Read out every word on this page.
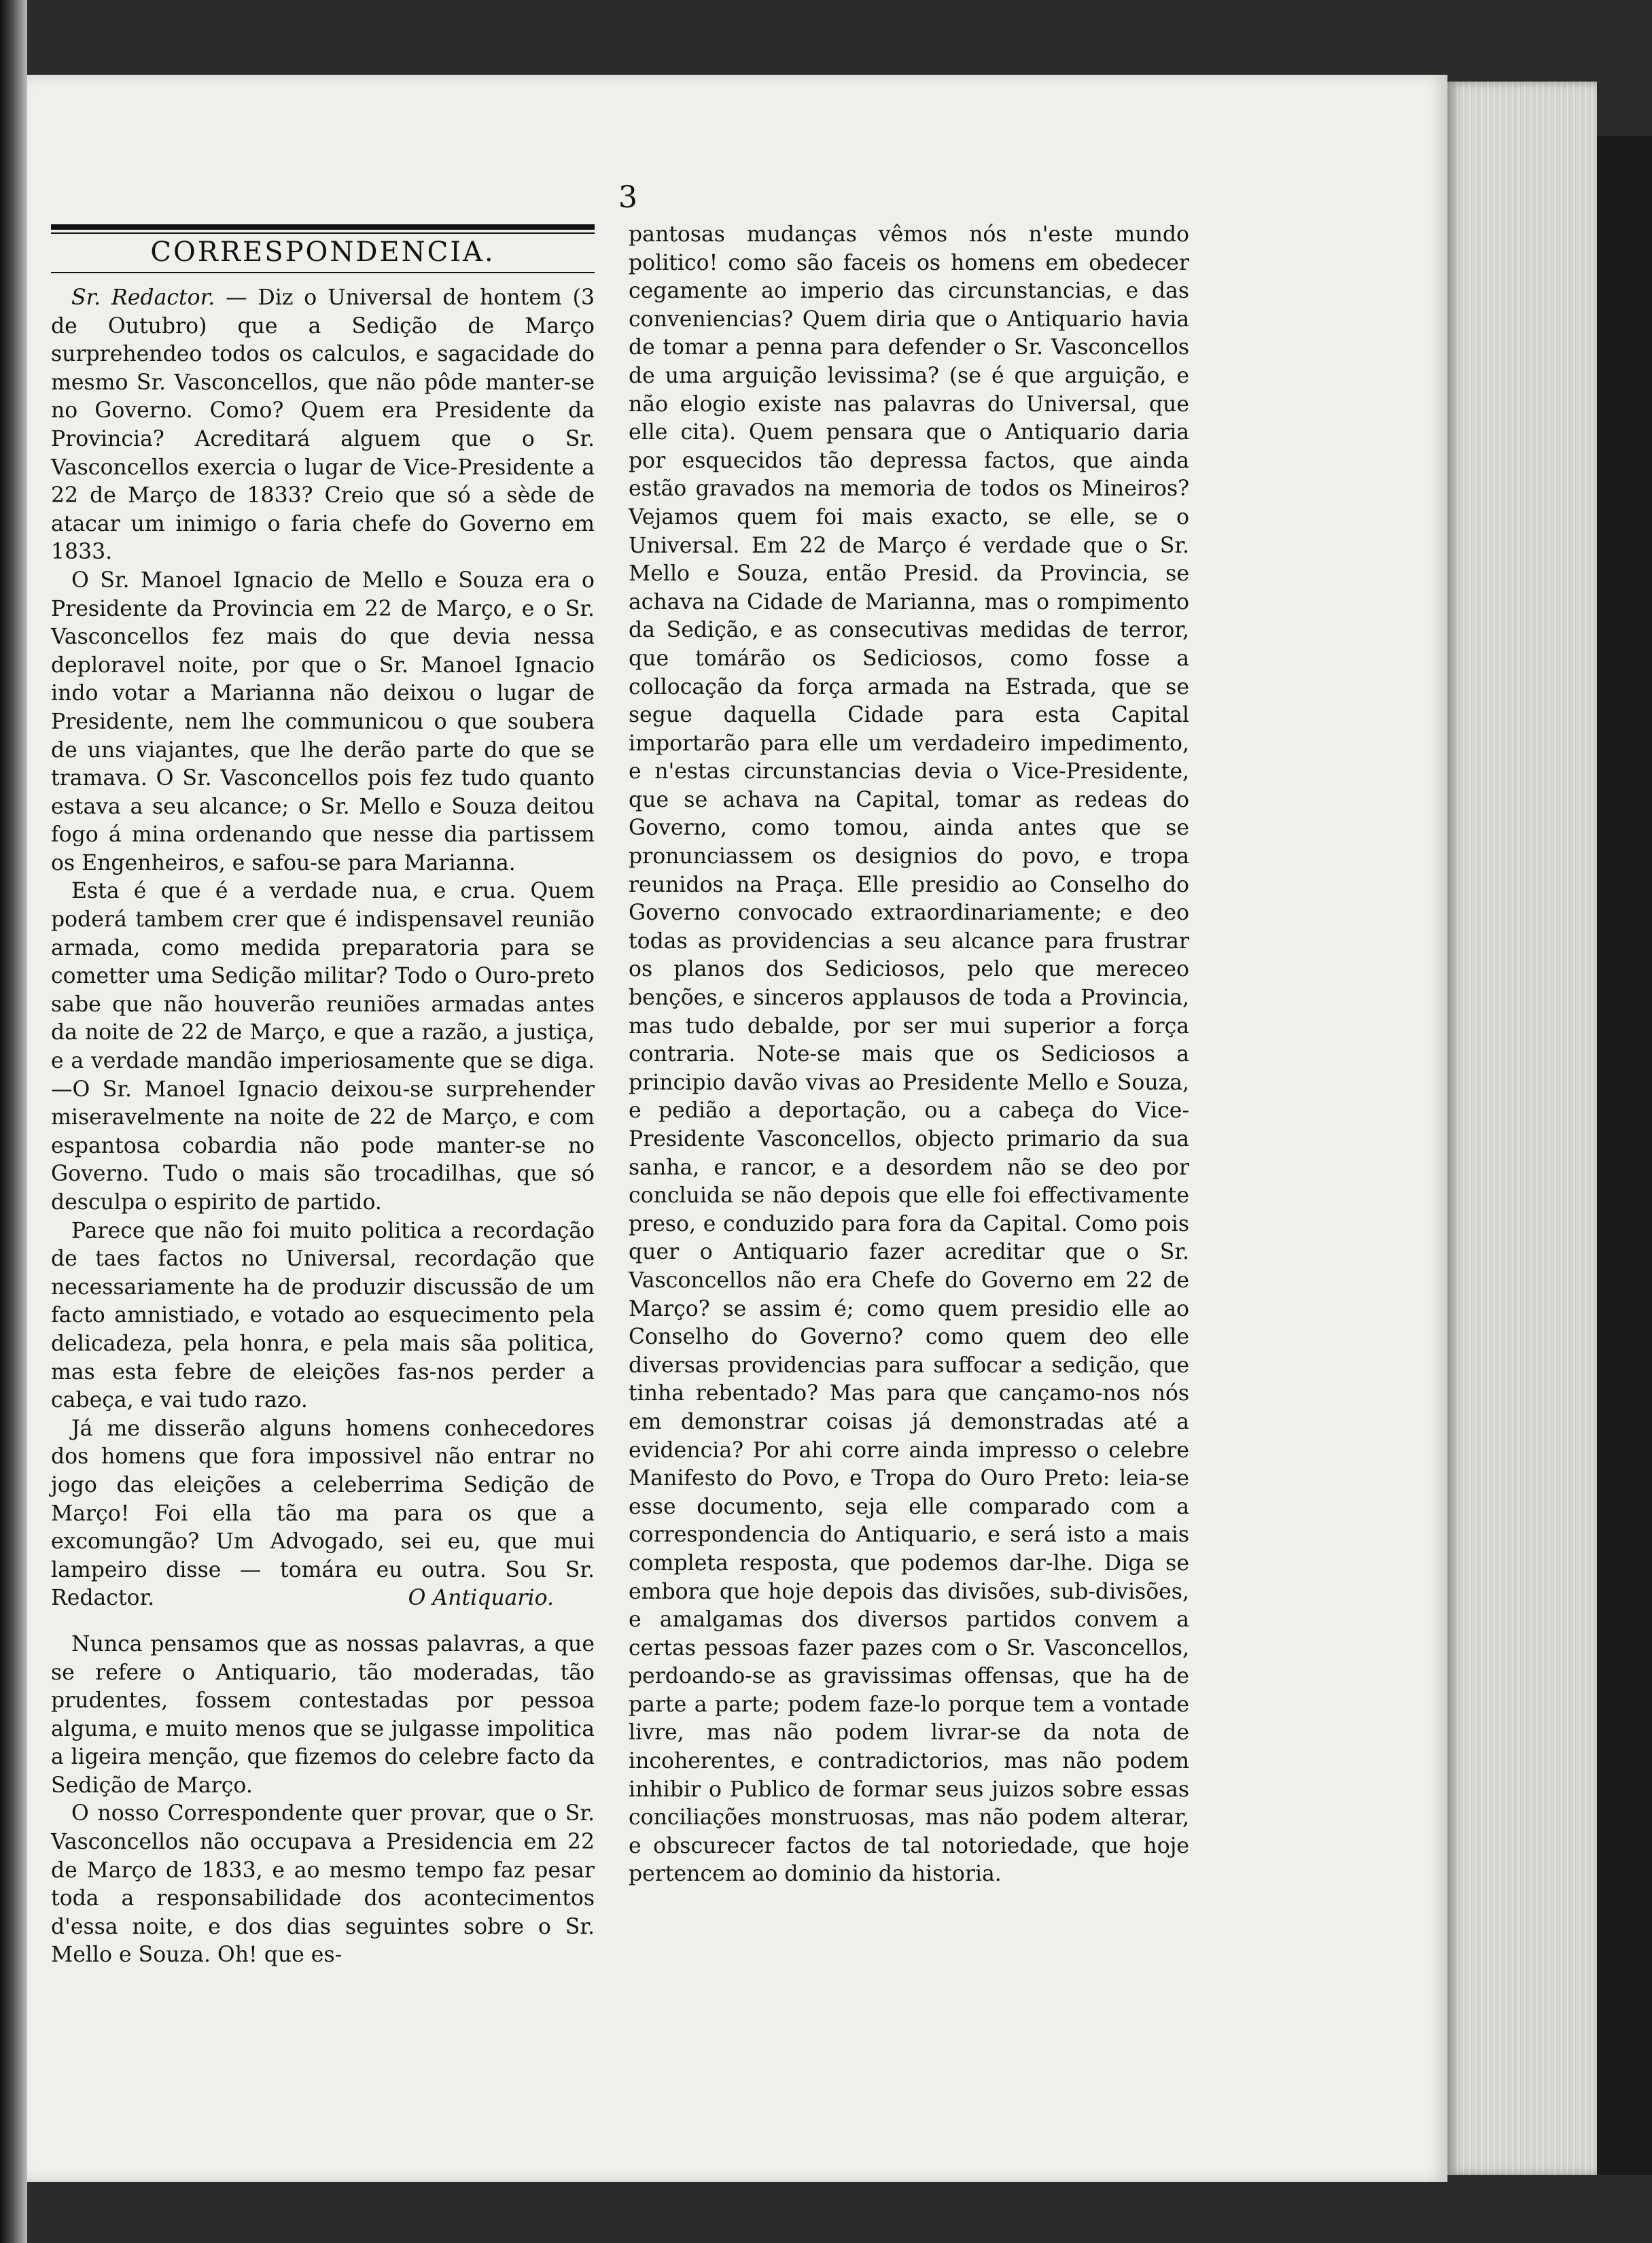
3
CORRESPONDENCIA.

Sr. Redactor. — Diz o Universal de hontem (3 de Outubro) que a Sedição de Março surprehendeo todos os calculos, e sagacidade do mesmo Sr. Vasconcellos, que não pôde manter-se no Governo. Como? Quem era Presidente da Provincia? Acreditará alguem que o Sr. Vasconcellos exercia o lugar de Vice-Presidente a 22 de Março de 1833? Creio que só a sède de atacar um inimigo o faria chefe do Governo em 1833.

O Sr. Manoel Ignacio de Mello e Souza era o Presidente da Provincia em 22 de Março, e o Sr. Vasconcellos fez mais do que devia nessa deploravel noite, por que o Sr. Manoel Ignacio indo votar a Marianna não deixou o lugar de Presidente, nem lhe communicou o que soubera de uns viajantes, que lhe derão parte do que se tramava. O Sr. Vasconcellos pois fez tudo quanto estava a seu alcance; o Sr. Mello e Souza deitou fogo á mina ordenando que nesse dia partissem os Engenheiros, e safou-se para Marianna.

Esta é que é a verdade nua, e crua. Quem poderá tambem crer que é indispensavel reunião armada, como medida preparatoria para se cometter uma Sedição militar? Todo o Ouro-preto sabe que não houverão reuniões armadas antes da noite de 22 de Março, e que a razão, a justiça, e a verdade mandão imperiosamente que se diga.—O Sr. Manoel Ignacio deixou-se surprehender miseravelmente na noite de 22 de Março, e com espantosa cobardia não pode manter-se no Governo. Tudo o mais são trocadilhas, que só desculpa o espirito de partido.

Parece que não foi muito politica a recordação de taes factos no Universal, recordação que necessariamente ha de produzir discussão de um facto amnistiado, e votado ao esquecimento pela delicadeza, pela honra, e pela mais sãa politica, mas esta febre de eleições fas-nos perder a cabeça, e vai tudo razo.

Já me disserão alguns homens conhecedores dos homens que fora impossivel não entrar no jogo das eleições a celeberrima Sedição de Março! Foi ella tão ma para os que a excomungão? Um Advogado, sei eu, que mui lampeiro disse — tomára eu outra. Sou Sr. Redactor.	O Antiquario.

Nunca pensamos que as nossas palavras, a que se refere o Antiquario, tão moderadas, tão prudentes, fossem contestadas por pessoa alguma, e muito menos que se julgasse impolitica a ligeira menção, que fizemos do celebre facto da Sedição de Março.

O nosso Correspondente quer provar, que o Sr. Vasconcellos não occupava a Presidencia em 22 de Março de 1833, e ao mesmo tempo faz pesar toda a responsabilidade dos acontecimentos d'essa noite, e dos dias seguintes sobre o Sr. Mello e Souza. Oh! que es-

pantosas mudanças vêmos nós n'este mundo politico! como são faceis os homens em obedecer cegamente ao imperio das circunstancias, e das conveniencias? Quem diria que o Antiquario havia de tomar a penna para defender o Sr. Vasconcellos de uma arguição levissima? (se é que arguição, e não elogio existe nas palavras do Universal, que elle cita). Quem pensara que o Antiquario daria por esquecidos tão depressa factos, que ainda estão gravados na memoria de todos os Mineiros? Vejamos quem foi mais exacto, se elle, se o Universal. Em 22 de Março é verdade que o Sr. Mello e Souza, então Presid. da Provincia, se achava na Cidade de Marianna, mas o rompimento da Sedição, e as consecutivas medidas de terror, que tomárão os Sediciosos, como fosse a collocação da força armada na Estrada, que se segue daquella Cidade para esta Capital importarão para elle um verdadeiro impedimento, e n'estas circunstancias devia o Vice-Presidente, que se achava na Capital, tomar as redeas do Governo, como tomou, ainda antes que se pronunciassem os designios do povo, e tropa reunidos na Praça. Elle presidio ao Conselho do Governo convocado extraordinariamente; e deo todas as providencias a seu alcance para frustrar os planos dos Sediciosos, pelo que mereceo benções, e sinceros applausos de toda a Provincia, mas tudo debalde, por ser mui superior a força contraria. Note-se mais que os Sediciosos a principio davão vivas ao Presidente Mello e Souza, e pedião a deportação, ou a cabeça do Vice-Presidente Vasconcellos, objecto primario da sua sanha, e rancor, e a desordem não se deo por concluida se não depois que elle foi effectivamente preso, e conduzido para fora da Capital. Como pois quer o Antiquario fazer acreditar que o Sr. Vasconcellos não era Chefe do Governo em 22 de Março? se assim é; como quem presidio elle ao Conselho do Governo? como quem deo elle diversas providencias para suffocar a sedição, que tinha rebentado? Mas para que cançamo-nos nós em demonstrar coisas já demonstradas até a evidencia? Por ahi corre ainda impresso o celebre Manifesto do Povo, e Tropa do Ouro Preto: leia-se esse documento, seja elle comparado com a correspondencia do Antiquario, e será isto a mais completa resposta, que podemos dar-lhe. Diga se embora que hoje depois das divisões, sub-divisões, e amalgamas dos diversos partidos convem a certas pessoas fazer pazes com o Sr. Vasconcellos, perdoando-se as gravissimas offensas, que ha de parte a parte; podem faze-lo porque tem a vontade livre, mas não podem livrar-se da nota de incoherentes, e contradictorios, mas não podem inhibir o Publico de formar seus juizos sobre essas conciliações monstruosas, mas não podem alterar, e obscurecer factos de tal notoriedade, que hoje pertencem ao dominio da historia.
